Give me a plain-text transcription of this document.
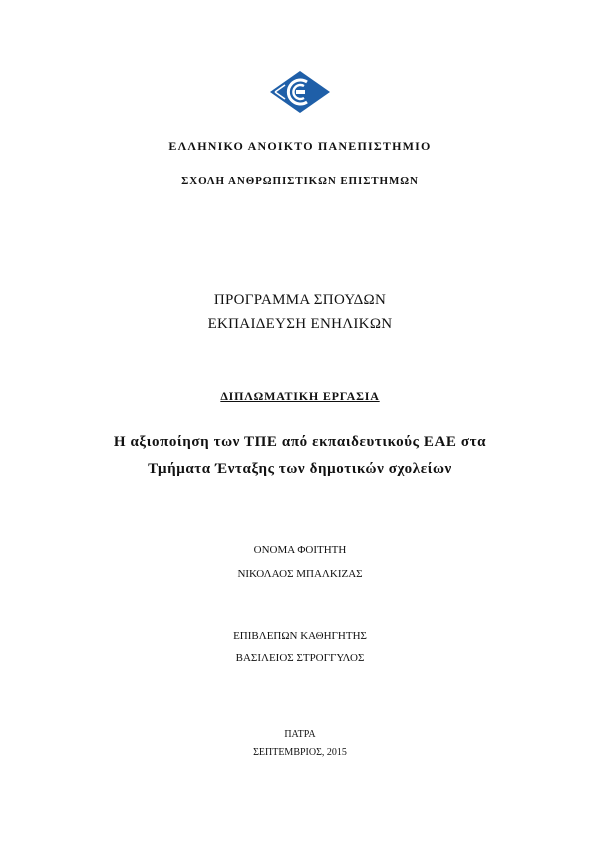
ΕΛΛΗΝΙΚΟ ΑΝΟΙΚΤΟ ΠΑΝΕΠΙΣΤΗΜΙΟ
ΣΧΟΛΗ ΑΝΘΡΩΠΙΣΤΙΚΩΝ ΕΠΙΣΤΗΜΩΝ
ΠΡΟΓΡΑΜΜΑ ΣΠΟΥΔΩΝ
ΕΚΠΑΙΔΕΥΣΗ ΕΝΗΛΙΚΩΝ
ΔΙΠΛΩΜΑΤΙΚΗ ΕΡΓΑΣΙΑ
Η αξιοποίηση των ΤΠΕ από εκπαιδευτικούς ΕΑΕ στα
Τμήματα Ένταξης των δημοτικών σχολείων
ΟΝΟΜΑ ΦΟΙΤΗΤΗ
ΝΙΚΟΛΑΟΣ ΜΠΑΛΚΙΖΑΣ
ΕΠΙΒΛΕΠΩΝ ΚΑΘΗΓΗΤΗΣ
ΒΑΣΙΛΕΙΟΣ ΣΤΡΟΓΓΥΛΟΣ
ΠΑΤΡΑ
ΣΕΠΤΕΜΒΡΙΟΣ, 2015
